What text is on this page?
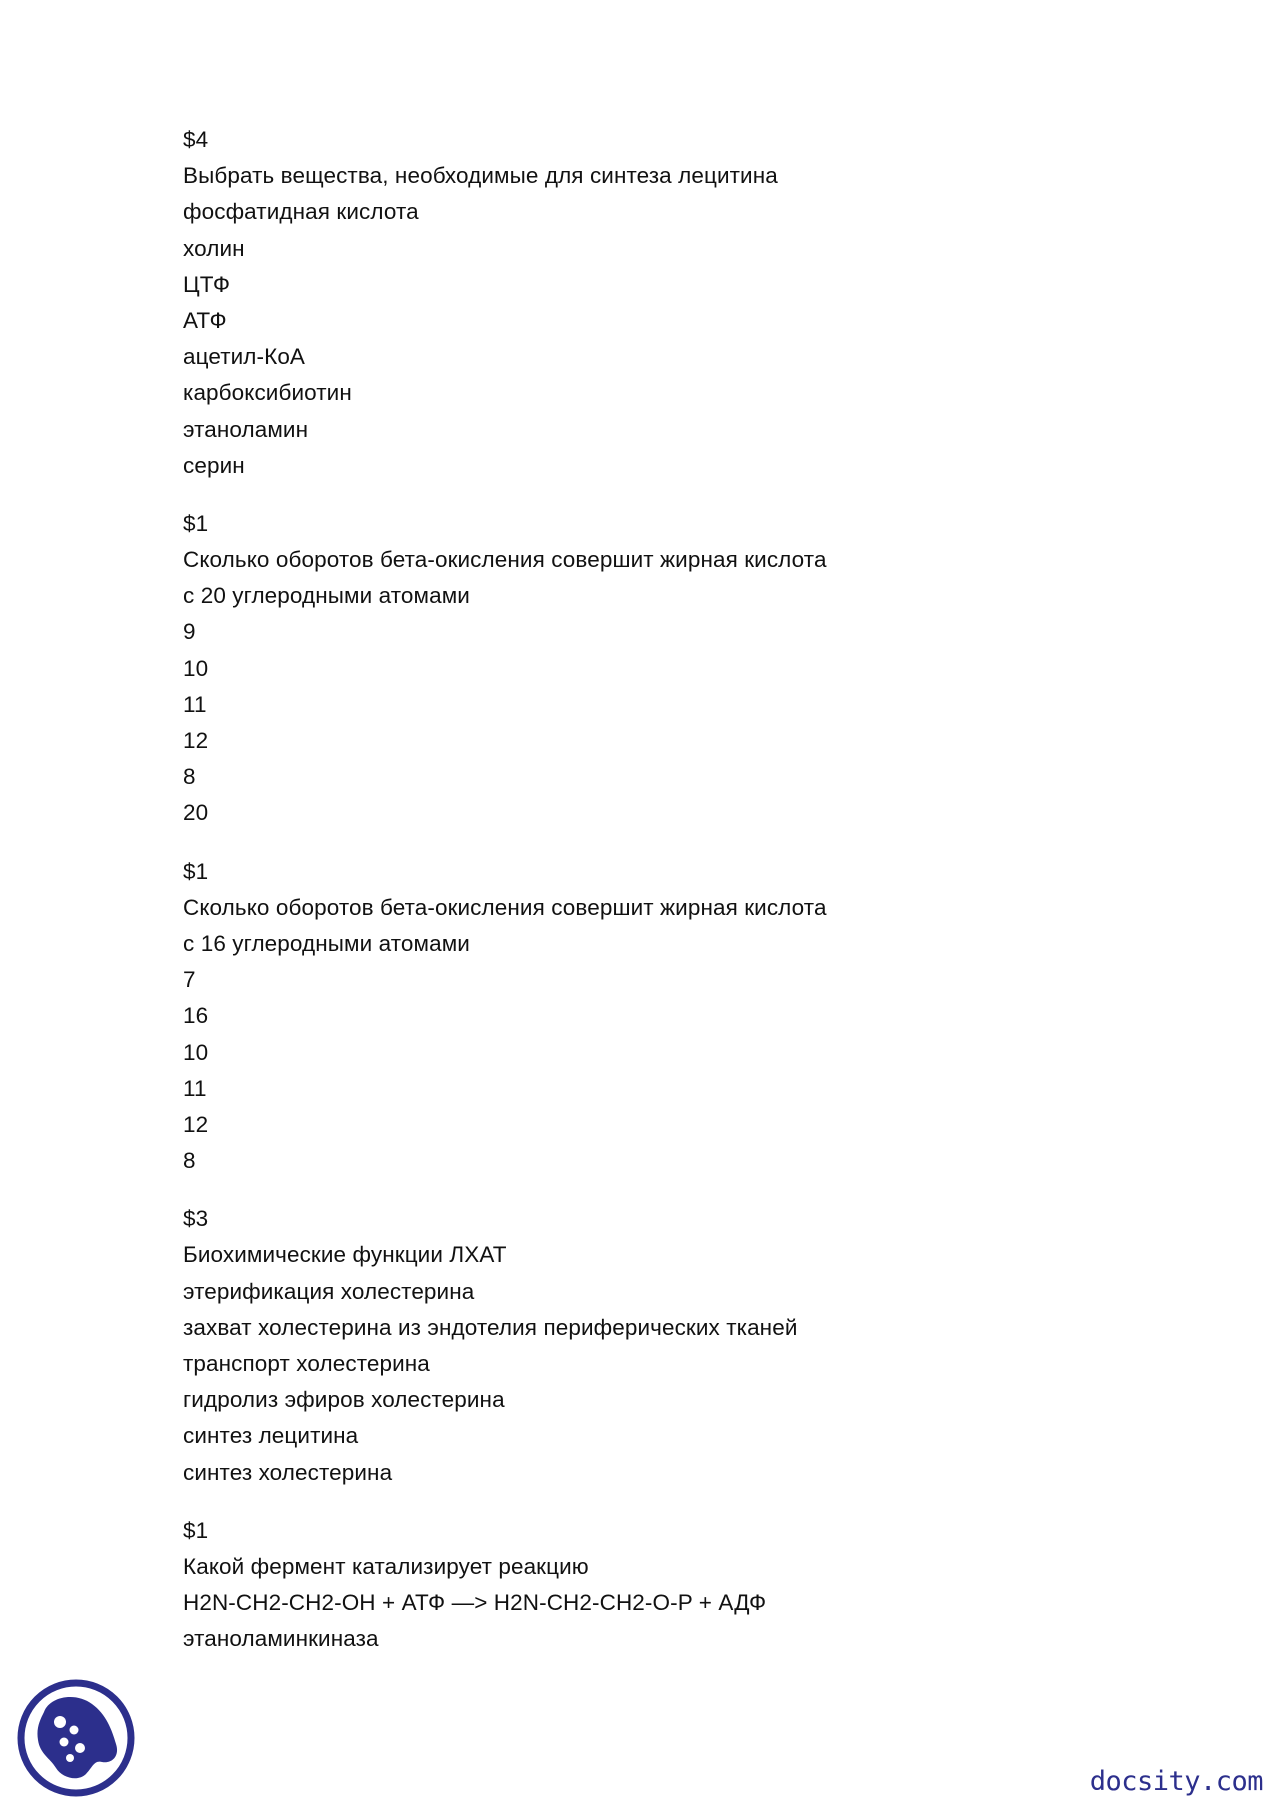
$4
Выбрать вещества, необходимые для синтеза лецитина
фосфатидная кислота
холин
ЦТФ
АТФ
ацетил-КоА
карбоксибиотин
этаноламин
серин
$1
Сколько оборотов бета-окисления совершит жирная кислота
с 20 углеродными атомами
9
10
11
12
8
20
$1
Сколько оборотов бета-окисления совершит жирная кислота
с 16 углеродными атомами
7
16
10
11
12
8
$3
Биохимические функции ЛХАТ
этерификация холестерина
захват холестерина из эндотелия периферических тканей
транспорт холестерина
гидролиз эфиров холестерина
синтез лецитина
синтез холестерина
$1
Какой фермент катализирует реакцию
H2N-CH2-CH2-OH + АТФ —> H2N-CH2-CH2-O-P + АДФ
этаноламинкиназа
docsity.com
